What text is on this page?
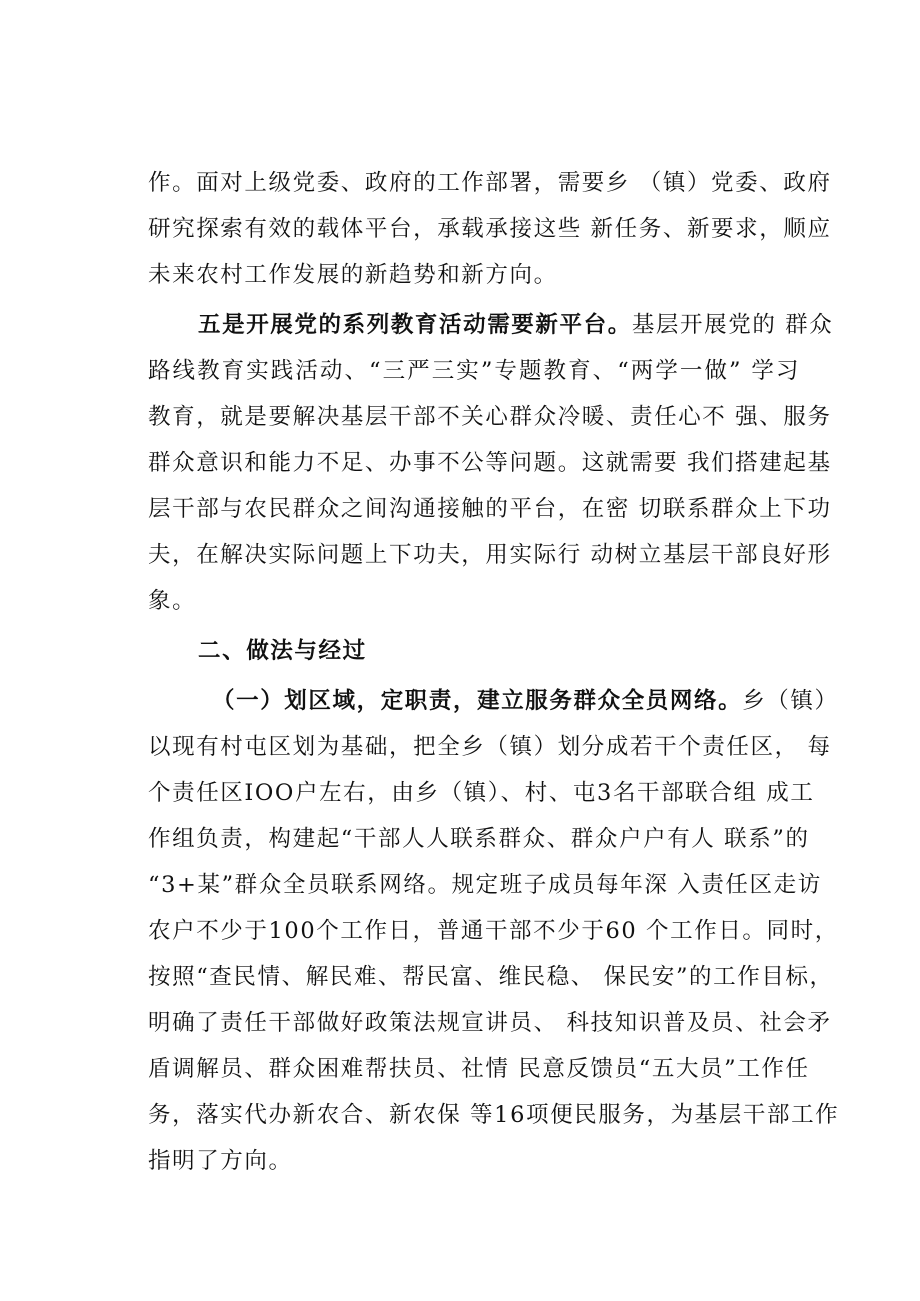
作。面对上级党委、政府的工作部署，需要乡 （镇）党委、政府
研究探索有效的载体平台，承载承接这些 新任务、新要求，顺应
未来农村工作发展的新趋势和新方向。
五是开展党的系列教育活动需要新平台。基层开展党的 群众
路线教育实践活动、“三严三实”专题教育、“两学一做” 学习
教育，就是要解决基层干部不关心群众冷暖、责任心不 强、服务
群众意识和能力不足、办事不公等问题。这就需要 我们搭建起基
层干部与农民群众之间沟通接触的平台，在密 切联系群众上下功
夫，在解决实际问题上下功夫，用实际行 动树立基层干部良好形
象。
二、做法与经过
（一）划区域，定职责，建立服务群众全员网络。乡（镇）
以现有村屯区划为基础，把全乡（镇）划分成若干个责任区， 每
个责任区IOO户左右，由乡（镇）、村、屯3名干部联合组 成工
作组负责，构建起“干部人人联系群众、群众户户有人 联系”的
“3+某”群众全员联系网络。规定班子成员每年深 入责任区走访
农户不少于100个工作日，普通干部不少于60 个工作日。同时，
按照“查民情、解民难、帮民富、维民稳、 保民安”的工作目标，
明确了责任干部做好政策法规宣讲员、 科技知识普及员、社会矛
盾调解员、群众困难帮扶员、社情 民意反馈员“五大员”工作任
务，落实代办新农合、新农保 等16项便民服务，为基层干部工作
指明了方向。
